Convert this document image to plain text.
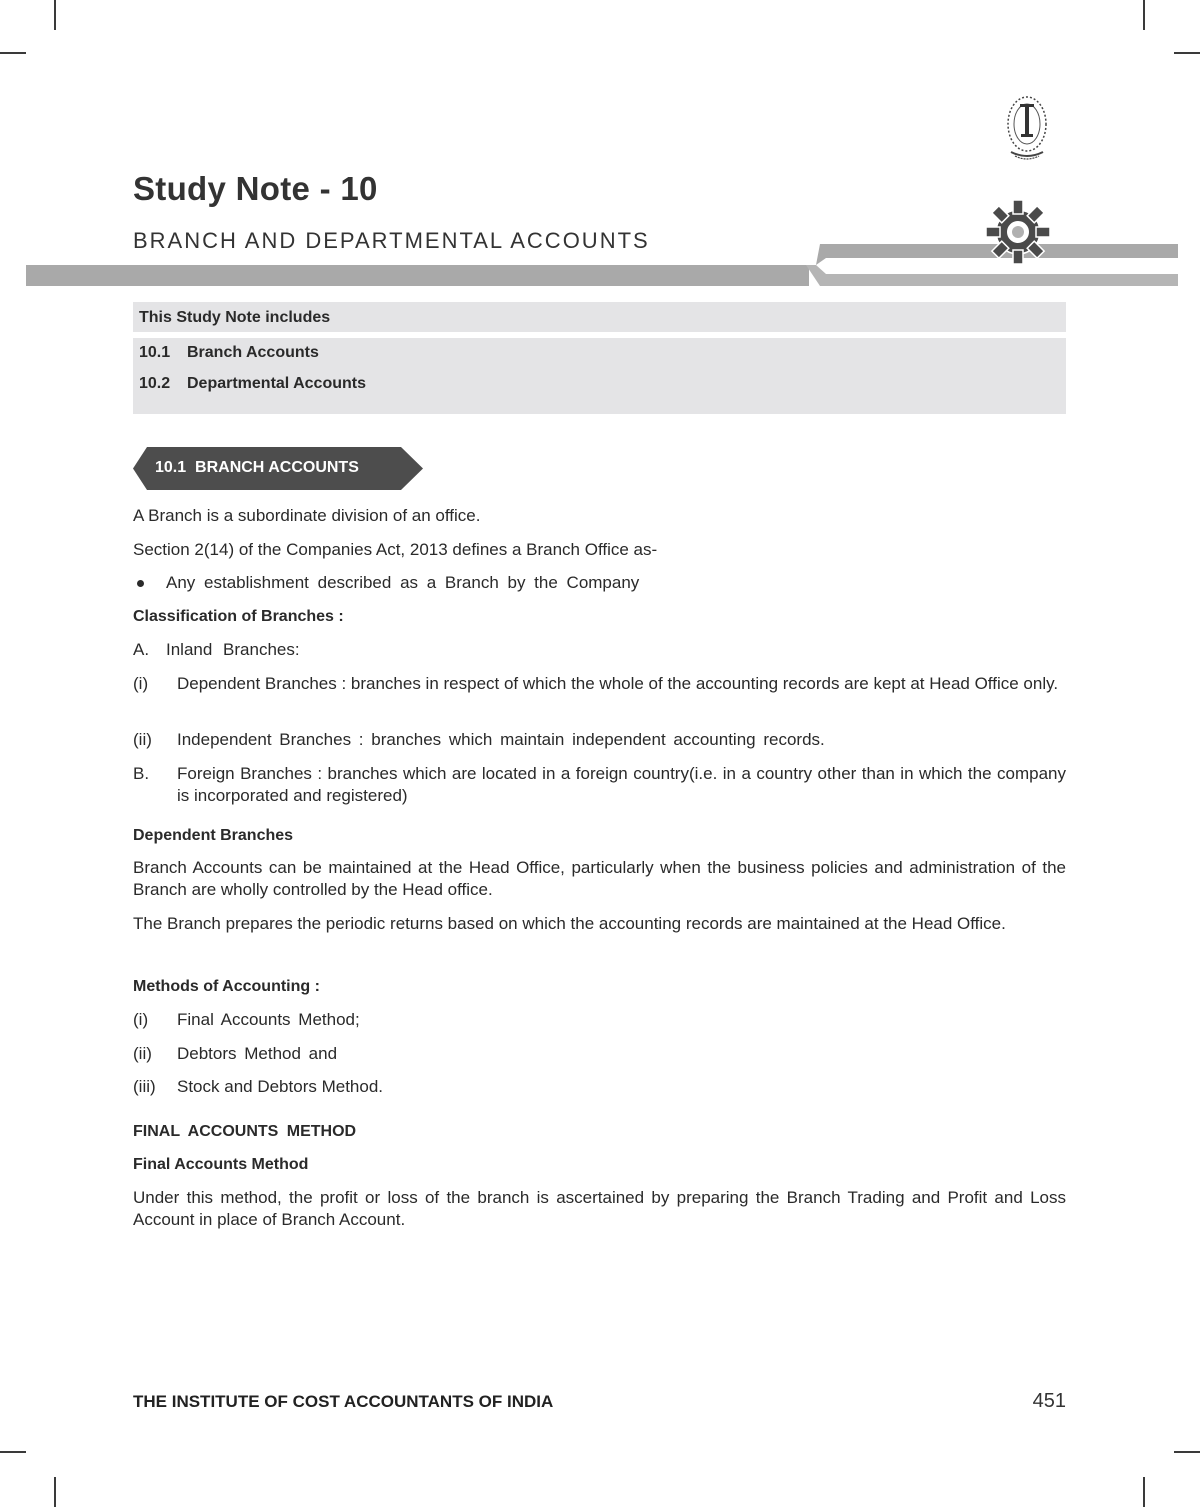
Study Note - 10
BRANCH AND DEPARTMENTAL ACCOUNTS
This Study Note includes
10.1 Branch Accounts
10.2 Departmental Accounts
10.1  BRANCH ACCOUNTS
A Branch is a subordinate division of an office.
Section 2(14) of the Companies Act, 2013 defines a Branch Office as-
Any establishment described as a Branch by the Company
Classification of Branches :
A. Inland Branches:
(i) Dependent Branches : branches in respect of which the whole of the accounting records are kept at Head Office only.
(ii) Independent Branches : branches which maintain independent accounting records.
B. Foreign Branches : branches which are located in a foreign country(i.e. in a country other than in which the company is incorporated and registered)
Dependent Branches
Branch Accounts can be maintained at the Head Office, particularly when the business policies and administration of the Branch are wholly controlled by the Head office.
The Branch prepares the periodic returns based on which the accounting records are maintained at the Head Office.
Methods of Accounting :
(i) Final Accounts Method;
(ii) Debtors Method and
(iii) Stock and Debtors Method.
FINAL ACCOUNTS METHOD
Final Accounts Method
Under this method, the profit or loss of the branch is ascertained by preparing the Branch Trading and Profit and Loss Account in place of Branch Account.
THE INSTITUTE OF COST ACCOUNTANTS OF INDIA	451
